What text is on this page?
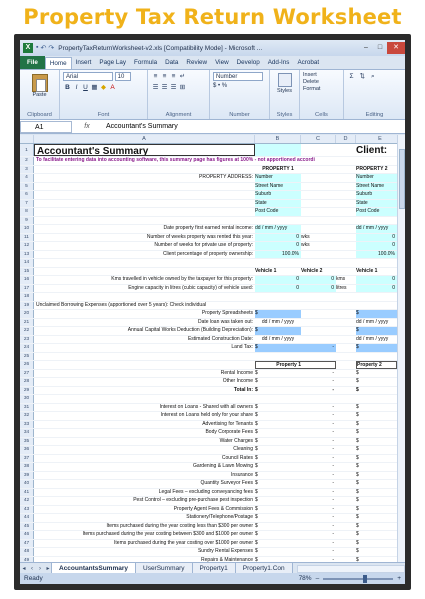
Property Tax Return Worksheet
X ▪ ↶ ↷ PropertyTaxReturnWorksheet-v2.xls [Compatibility Mode] - Microsoft ...	–	□	✕
File	Home	Insert	Page Lay	Formula	Data	Review	View	Develop	Add-Ins	Acrobat
Paste
Clipboard
Arial	10
B I U ▦ ◆ A
Font
≡ ≡ ≡ ↵
☰ ☰ ☰ ⊞
Alignment
Number
$ • %
Number
Styles
Styles
Insert
Delete
Format
Cells
Σ ⇅ ⌕
Editing
A1	fx	Accountant's Summary
A	B	C	D	E
1 Accountant's Summary	Client:
2	To facilitate entering data into accounting software, this summary page has figures at 100% - not apportioned accordi
3	PROPERTY 1	PROPERTY 2
4	PROPERTY ADDRESS: Number	Number
5	Street Name	Street Name
6	Suburb	Suburb
7	State	State
8	Post Code	Post Code
9
10	Date property first earned rental income: dd / mm / yyyy	dd / mm / yyyy
11	Number of weeks property was rented this year:	0 wks	0
12	Number of weeks for private use of property:	0 wks	0
13	Client percentage of property ownership:	100.0%	100.0%
14
15	Vehicle 1	Vehicle 2	Vehicle 1
16	Kms travelled in vehicle owned by the taxpayer for this property:	0	0 kms	0
17	Engine capacity in litres (cubic capacity) of vehicle used:	0	0 litres	0
18
19	Unclaimed Borrowing Expenses (apportioned over 5 years): Check individual
20	Property Spreadsheets $	$
21	Date loan was taken out:	dd / mm / yyyy	dd / mm / yyyy
22	Annual Capital Works Deduction (Building Depreciation): $	$
23	Estimated Construction Date:	dd / mm / yyyy	dd / mm / yyyy
24	Land Tax: $	-	$
25
26	Property 1	Property 2
27	Rental Income $	-	$
28	Other Income $	-	$
29	Total In: $	-	$
30
31	Interest on Loans - Shared with all owners $	-	$
32	Interest on Loans held only for your share $	-	$
33	Advertising for Tenants $	-	$
34	Body Corporate Fees $	-	$
35	Water Charges $	-	$
36	Cleaning $	-	$
37	Council Rates $	-	$
38	Gardening & Lawn Mowing $	-	$
39	Insurance $	-	$
40	Quantity Surveyor Fees $	-	$
41	Legal Fees – excluding conveyancing fees $	-	$
42	Pest Control – excluding pre-purchase pest inspection $	-	$
43	Property Agent Fees & Commission $	-	$
44	Stationery/Telephone/Postage $	-	$
45	Items purchased during the year costing less than $300 per owner $	-	$
46	Items purchased during the year costing between $300 and $1000 per owner $	-	$
47	Items purchased during the year costing over $1000 per owner $	-	$
48	Sundry Rental Expenses $	-	$
49	Repairs & Maintenance $	-	$
◂ ‹	› ▸	AccountantsSummary	UserSummary	Property1	Property1.Con
Ready	78% –	+
